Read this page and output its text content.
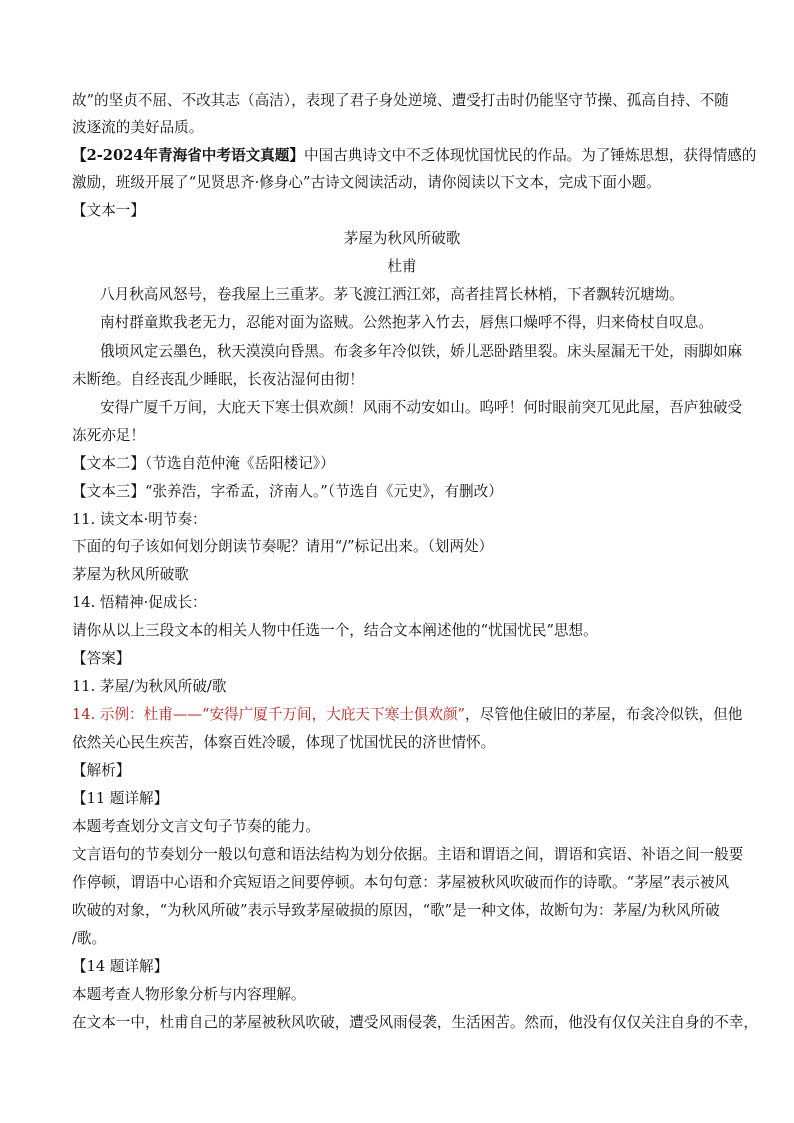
故”的坚贞不屈、不改其志（高洁），表现了君子身处逆境、遭受打击时仍能坚守节操、孤高自持、不随
波逐流的美好品质。
【2-2024年青海省中考语文真题】中国古典诗文中不乏体现忧国忧民的作品。为了锤炼思想，获得情感的
激励，班级开展了“见贤思齐·修身心”古诗文阅读活动，请你阅读以下文本，完成下面小题。
【文本一】
茅屋为秋风所破歌
杜甫
八月秋高风怒号，卷我屋上三重茅。茅飞渡江洒江郊，高者挂罥长林梢，下者飘转沉塘坳。
南村群童欺我老无力，忍能对面为盗贼。公然抱茅入竹去，唇焦口燥呼不得，归来倚杖自叹息。
俄顷风定云墨色，秋天漠漠向昏黑。布衾多年冷似铁，娇儿恶卧踏里裂。床头屋漏无干处，雨脚如麻
未断绝。自经丧乱少睡眠，长夜沾湿何由彻！
安得广厦千万间，大庇天下寒士俱欢颜！风雨不动安如山。呜呼！何时眼前突兀见此屋，吾庐独破受
冻死亦足！
【文本二】（节选自范仲淹《岳阳楼记》）
【文本三】“张养浩，字希孟，济南人。”（节选自《元史》，有删改）
11. 读文本·明节奏：
下面的句子该如何划分朗读节奏呢？请用“/”标记出来。（划两处）
茅屋为秋风所破歌
14. 悟精神·促成长：
请你从以上三段文本的相关人物中任选一个，结合文本阐述他的“忧国忧民”思想。
【答案】
11. 茅屋/为秋风所破/歌
14. 示例：杜甫——“安得广厦千万间，大庇天下寒士俱欢颜”，尽管他住破旧的茅屋，布衾冷似铁，但他
依然关心民生疾苦，体察百姓冷暖，体现了忧国忧民的济世情怀。
【解析】
【11 题详解】
本题考查划分文言文句子节奏的能力。
文言语句的节奏划分一般以句意和语法结构为划分依据。主语和谓语之间，谓语和宾语、补语之间一般要
作停顿，谓语中心语和介宾短语之间要停顿。本句句意：茅屋被秋风吹破而作的诗歌。“茅屋”表示被风
吹破的对象，“为秋风所破”表示导致茅屋破损的原因，“歌”是一种文体，故断句为：茅屋/为秋风所破
/歌。
【14 题详解】
本题考查人物形象分析与内容理解。
在文本一中，杜甫自己的茅屋被秋风吹破，遭受风雨侵袭，生活困苦。然而，他没有仅仅关注自身的不幸，
